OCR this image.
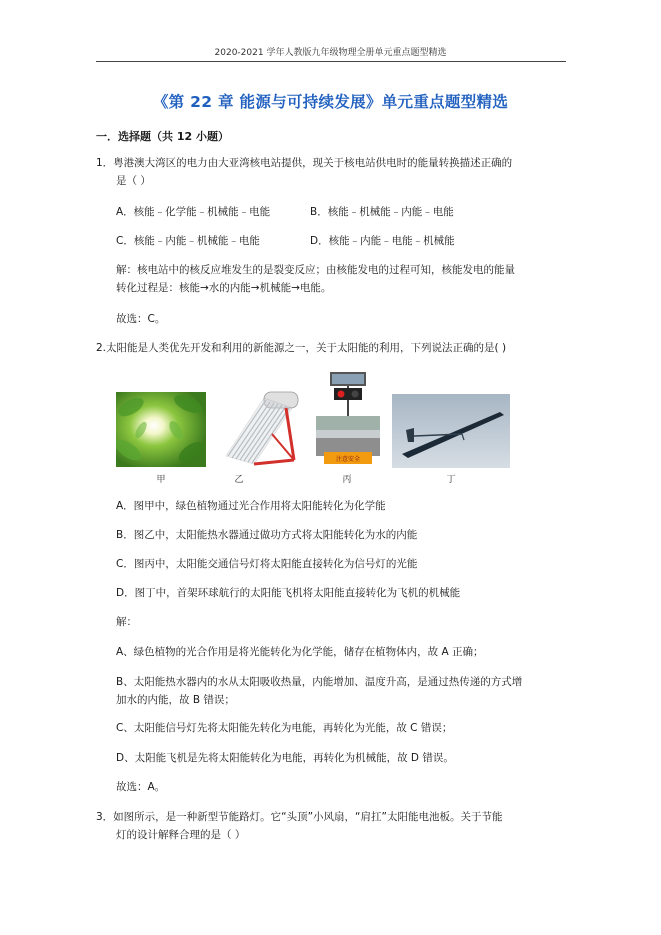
2020-2021 学年人教版九年级物理全册单元重点题型精选
《第 22 章 能源与可持续发展》单元重点题型精选
一．选择题（共 12 小题）
1．粤港澳大湾区的电力由大亚湾核电站提供，现关于核电站供电时的能量转换描述正确的
是（ ）
A．核能﹣化学能﹣机械能﹣电能	B．核能﹣机械能﹣内能﹣电能
C．核能﹣内能﹣机械能﹣电能	D．核能﹣内能﹣电能﹣机械能
解：核电站中的核反应堆发生的是裂变反应；由核能发电的过程可知，核能发电的能量
转化过程是：核能→水的内能→机械能→电能。
故选：C。
2.太阳能是人类优先开发和利用的新能源之一，关于太阳能的利用，下列说法正确的是( )
甲	乙
注意安全
丙	丁
A．图甲中，绿色植物通过光合作用将太阳能转化为化学能
B．图乙中，太阳能热水器通过做功方式将太阳能转化为水的内能
C．图丙中，太阳能交通信号灯将太阳能直接转化为信号灯的光能
D．图丁中，首架环球航行的太阳能飞机将太阳能直接转化为飞机的机械能
解：
A、绿色植物的光合作用是将光能转化为化学能，储存在植物体内，故 A 正确；
B、太阳能热水器内的水从太阳吸收热量，内能增加、温度升高，是通过热传递的方式增
加水的内能，故 B 错误；
C、太阳能信号灯先将太阳能先转化为电能，再转化为光能，故 C 错误；
D、太阳能飞机是先将太阳能转化为电能，再转化为机械能，故 D 错误。
故选：A。
3．如图所示，是一种新型节能路灯。它“头顶”小风扇，“肩扛”太阳能电池板。关于节能
灯的设计解释合理的是（ ）
